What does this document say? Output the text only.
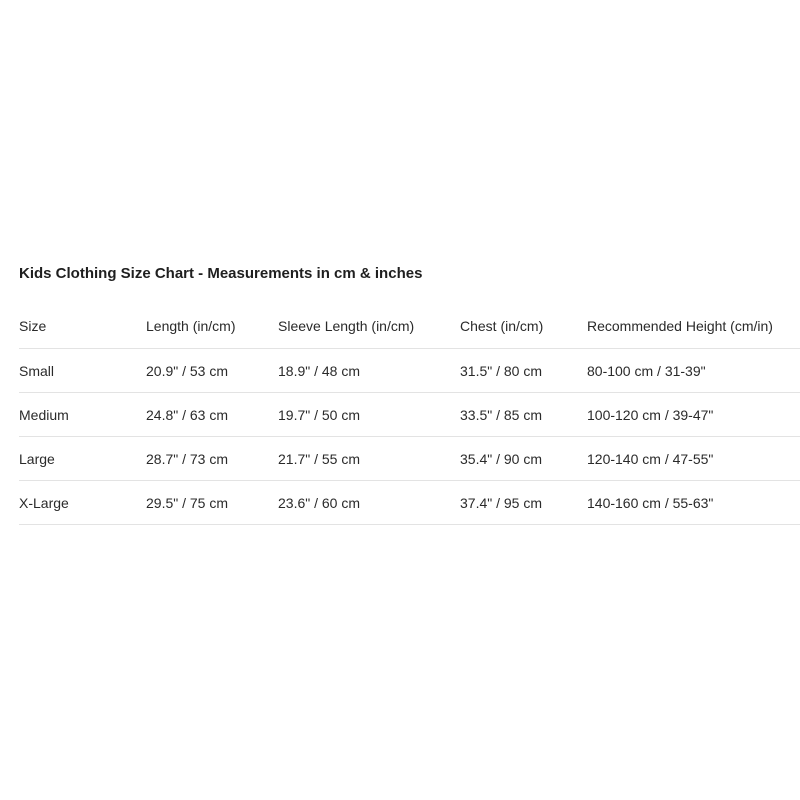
Kids Clothing Size Chart - Measurements in cm & inches
Size	Length (in/cm)	Sleeve Length (in/cm)	Chest (in/cm)	Recommended Height (cm/in)
Small	20.9" / 53 cm	18.9" / 48 cm	31.5" / 80 cm	80-100 cm / 31-39"
Medium	24.8" / 63 cm	19.7" / 50 cm	33.5" / 85 cm	100-120 cm / 39-47"
Large	28.7" / 73 cm	21.7" / 55 cm	35.4" / 90 cm	120-140 cm / 47-55"
X-Large	29.5" / 75 cm	23.6" / 60 cm	37.4" / 95 cm	140-160 cm / 55-63"
